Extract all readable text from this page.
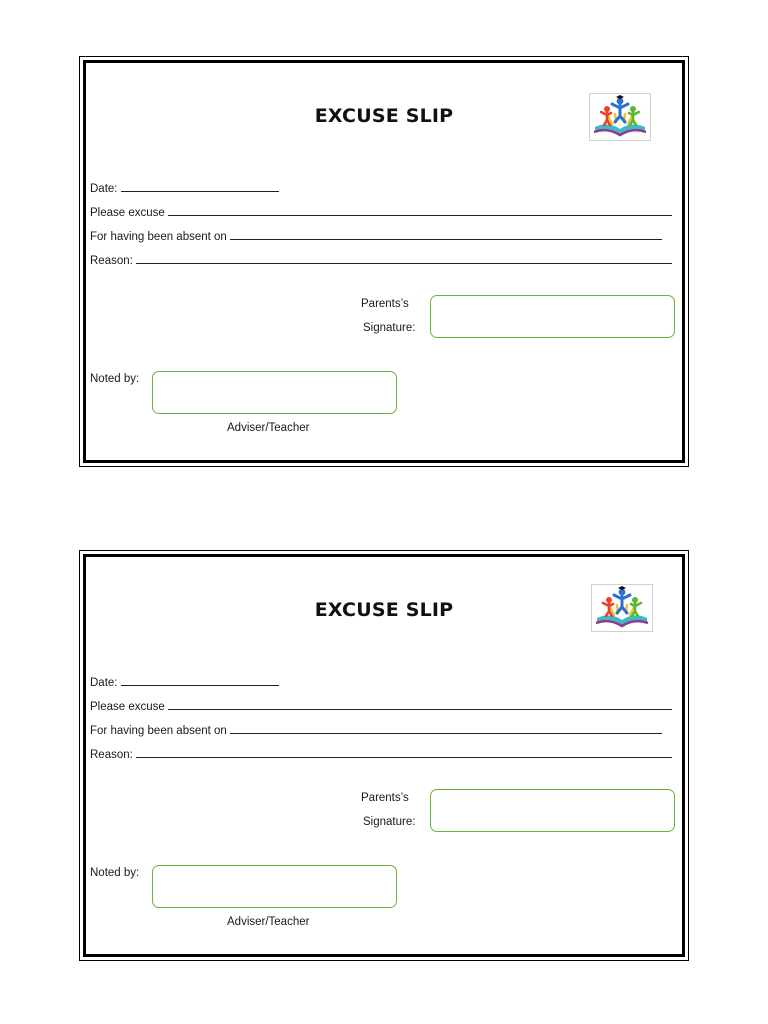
EXCUSE SLIP
Date:
Please excuse
For having been absent on
Reason:
Parents’s
Signature:
Noted by:
Adviser/Teacher
EXCUSE SLIP
Date:
Please excuse
For having been absent on
Reason:
Parents’s
Signature:
Noted by:
Adviser/Teacher
